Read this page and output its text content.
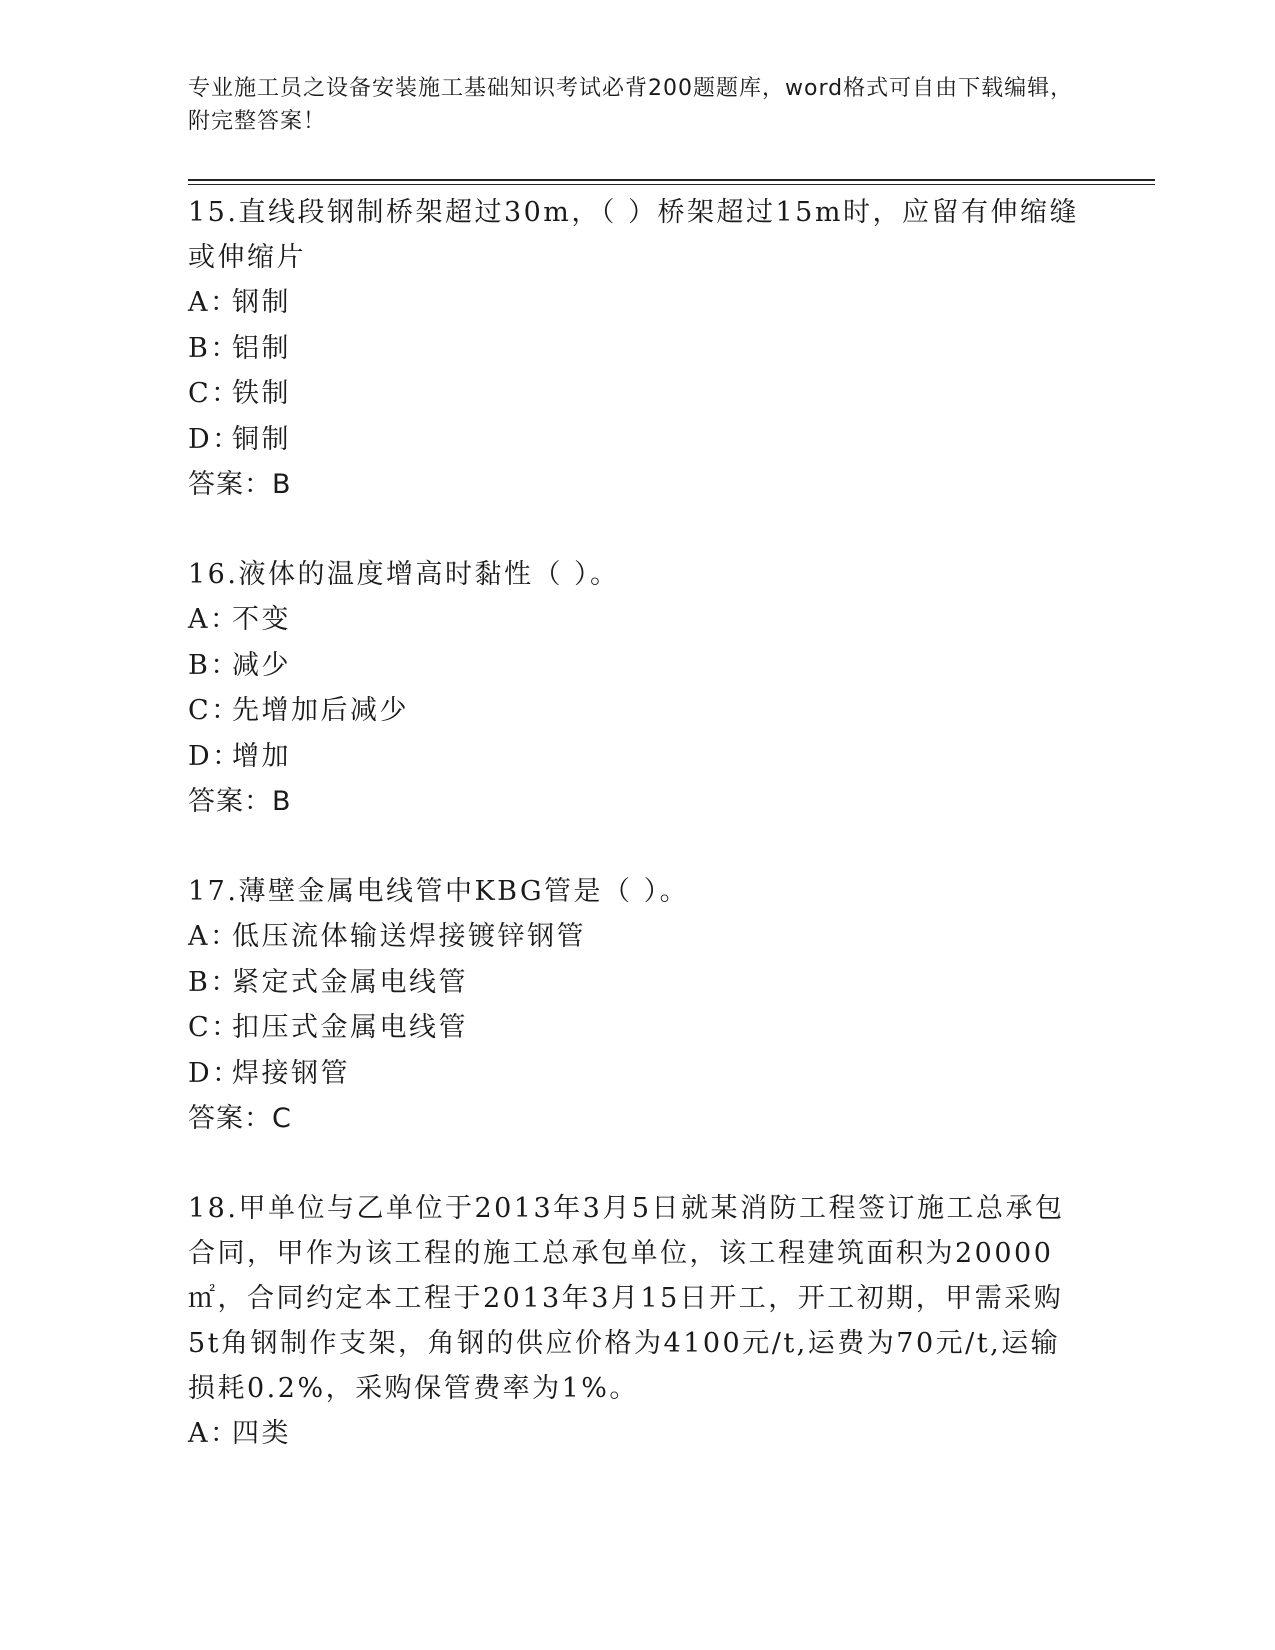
专业施工员之设备安装施工基础知识考试必背200题题库，word格式可自由下载编辑，附完整答案！

15.直线段钢制桥架超过30m，（ ）桥架超过15m时，应留有伸缩缝或伸缩片

A：钢制

B：铝制

C：铁制

D：铜制

答案：B

16.液体的温度增高时黏性（ ）。

A：不变

B：减少

C：先增加后减少

D：增加

答案：B

17.薄壁金属电线管中KBG管是（ ）。

A：低压流体输送焊接镀锌钢管

B：紧定式金属电线管

C：扣压式金属电线管

D：焊接钢管

答案：C

18.甲单位与乙单位于2013年3月5日就某消防工程签订施工总承包合同，甲作为该工程的施工总承包单位，该工程建筑面积为20000㎡，合同约定本工程于2013年3月15日开工，开工初期，甲需采购5t角钢制作支架，角钢的供应价格为4100元/t,运费为70元/t,运输损耗0.2%，采购保管费率为1%。

A：四类
